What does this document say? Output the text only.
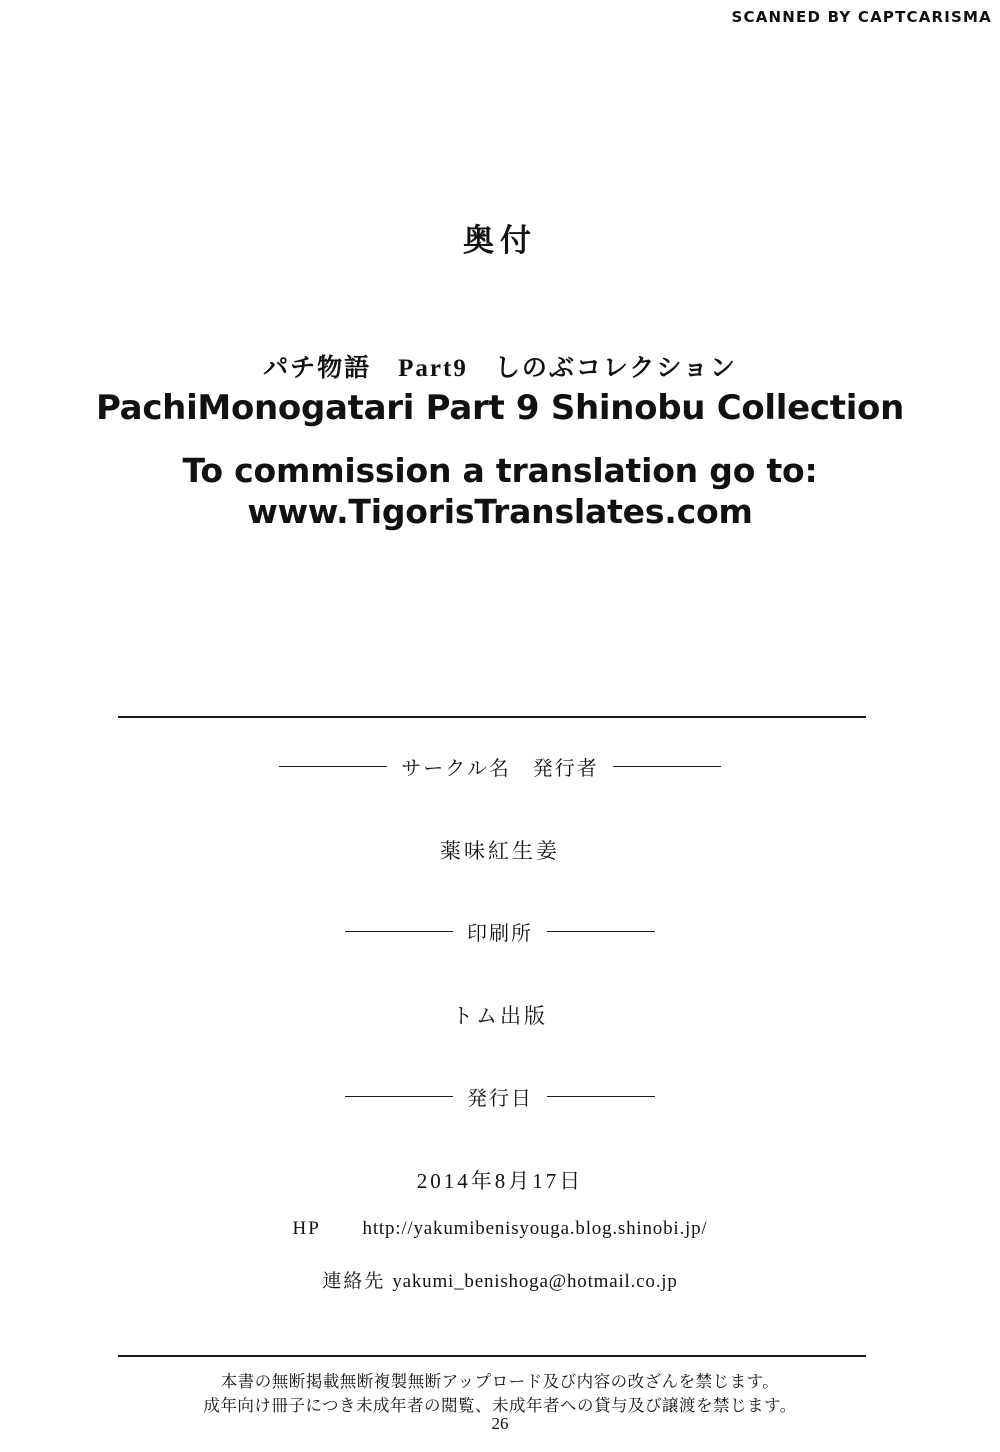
SCANNED BY CAPTCARISMA
奥付
パチ物語　Part9　しのぶコレクション
PachiMonogatari Part 9 Shinobu Collection
To commission a translation go to:
www.TigorisTranslates.com
サークル名　発行者
薬味紅生姜
印刷所
トム出版
発行日
2014年8月17日
HP	http://yakumibenisyouga.blog.shinobi.jp/
連絡先 yakumi_benishoga@hotmail.co.jp
本書の無断掲載無断複製無断アップロード及び内容の改ざんを禁じます。
成年向け冊子につき未成年者の閲覧、未成年者への貸与及び譲渡を禁じます。
26
